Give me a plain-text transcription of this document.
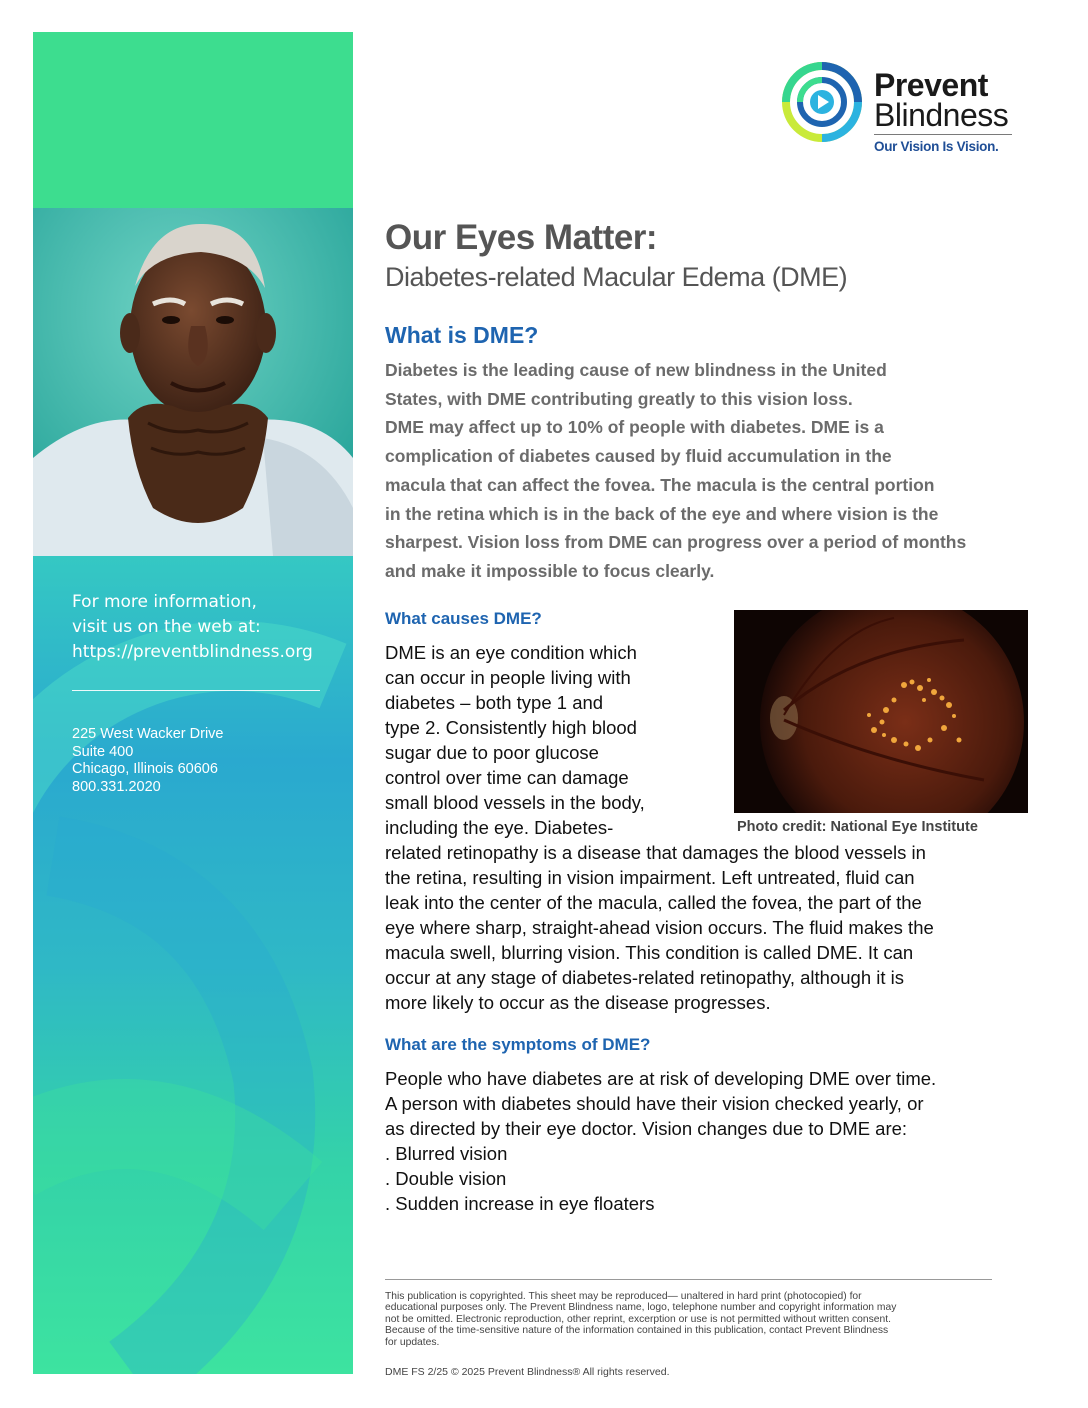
For more information,
visit us on the web at:
https://preventblindness.org
225 West Wacker Drive
Suite 400
Chicago, Illinois 60606
800.331.2020
Prevent
Blindness
Our Vision Is Vision.
Our Eyes Matter:
Diabetes-related Macular Edema (DME)
What is DME?
Diabetes is the leading cause of new blindness in the United
States, with DME contributing greatly to this vision loss.
DME may affect up to 10% of people with diabetes. DME is a
complication of diabetes caused by fluid accumulation in the
macula that can affect the fovea. The macula is the central portion
in the retina which is in the back of the eye and where vision is the
sharpest. Vision loss from DME can progress over a period of months
and make it impossible to focus clearly.
What causes DME?
DME is an eye condition which
can occur in people living with
diabetes – both type 1 and
type 2. Consistently high blood
sugar due to poor glucose
control over time can damage
small blood vessels in the body,
including the eye. Diabetes-
related retinopathy is a disease that damages the blood vessels in
the retina, resulting in vision impairment. Left untreated, fluid can
leak into the center of the macula, called the fovea, the part of the
eye where sharp, straight-ahead vision occurs. The fluid makes the
macula swell, blurring vision. This condition is called DME. It can
occur at any stage of diabetes-related retinopathy, although it is
more likely to occur as the disease progresses.
Photo credit: National Eye Institute
What are the symptoms of DME?
People who have diabetes are at risk of developing DME over time.
A person with diabetes should have their vision checked yearly, or
as directed by their eye doctor. Vision changes due to DME are:
. Blurred vision
. Double vision
. Sudden increase in eye floaters
This publication is copyrighted. This sheet may be reproduced— unaltered in hard print (photocopied) for
educational purposes only. The Prevent Blindness name, logo, telephone number and copyright information may
not be omitted. Electronic reproduction, other reprint, excerption or use is not permitted without written consent.
Because of the time-sensitive nature of the information contained in this publication, contact Prevent Blindness
for updates.
DME FS 2/25 © 2025 Prevent Blindness® All rights reserved.
